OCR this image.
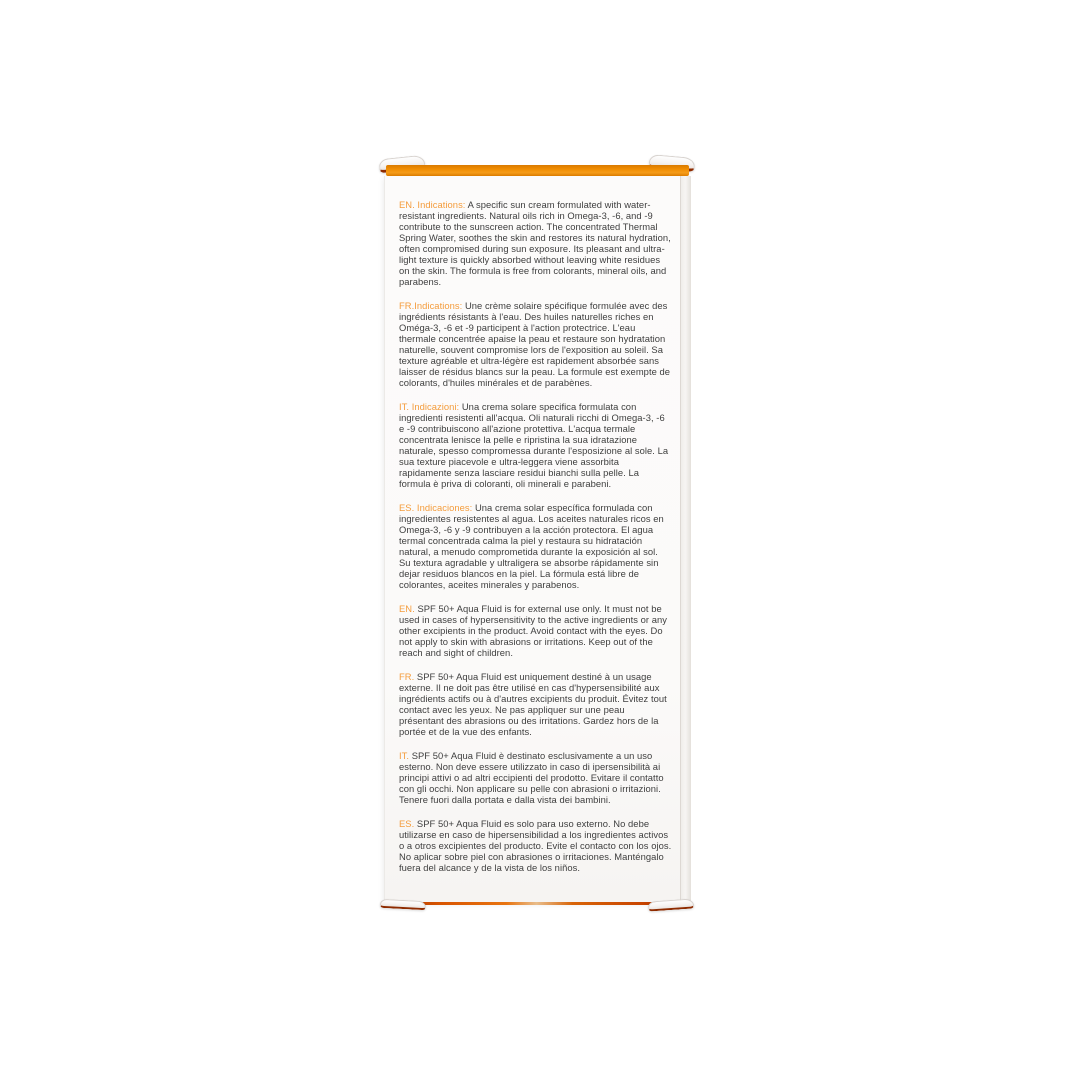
EN. Indications: A specific sun cream formulated with water-resistant ingredients. Natural oils rich in Omega-3, -6, and -9 contribute to the sunscreen action. The concentrated Thermal Spring Water, soothes the skin and restores its natural hydration, often compromised during sun exposure. Its pleasant and ultra-light texture is quickly absorbed without leaving white residues on the skin. The formula is free from colorants, mineral oils, and parabens.

FR.Indications: Une crème solaire spécifique formulée avec des ingrédients résistants à l'eau. Des huiles naturelles riches en Oméga-3, -6 et -9 participent à l'action protectrice. L'eau thermale concentrée apaise la peau et restaure son hydratation naturelle, souvent compromise lors de l'exposition au soleil. Sa texture agréable et ultra-légère est rapidement absorbée sans laisser de résidus blancs sur la peau. La formule est exempte de colorants, d'huiles minérales et de parabènes.

IT. Indicazioni: Una crema solare specifica formulata con ingredienti resistenti all'acqua. Oli naturali ricchi di Omega-3, -6 e -9 contribuiscono all'azione protettiva. L'acqua termale concentrata lenisce la pelle e ripristina la sua idratazione naturale, spesso compromessa durante l'esposizione al sole. La sua texture piacevole e ultra-leggera viene assorbita rapidamente senza lasciare residui bianchi sulla pelle. La formula è priva di coloranti, oli minerali e parabeni.

ES. Indicaciones: Una crema solar específica formulada con ingredientes resistentes al agua. Los aceites naturales ricos en Omega-3, -6 y -9 contribuyen a la acción protectora. El agua termal concentrada calma la piel y restaura su hidratación natural, a menudo comprometida durante la exposición al sol. Su textura agradable y ultraligera se absorbe rápidamente sin dejar residuos blancos en la piel. La fórmula está libre de colorantes, aceites minerales y parabenos.

EN. SPF 50+ Aqua Fluid is for external use only. It must not be used in cases of hypersensitivity to the active ingredients or any other excipients in the product. Avoid contact with the eyes. Do not apply to skin with abrasions or irritations. Keep out of the reach and sight of children.

FR. SPF 50+ Aqua Fluid est uniquement destiné à un usage externe. Il ne doit pas être utilisé en cas d'hypersensibilité aux ingrédients actifs ou à d'autres excipients du produit. Évitez tout contact avec les yeux. Ne pas appliquer sur une peau présentant des abrasions ou des irritations. Gardez hors de la portée et de la vue des enfants.

IT. SPF 50+ Aqua Fluid è destinato esclusivamente a un uso esterno. Non deve essere utilizzato in caso di ipersensibilità ai principi attivi o ad altri eccipienti del prodotto. Evitare il contatto con gli occhi. Non applicare su pelle con abrasioni o irritazioni. Tenere fuori dalla portata e dalla vista dei bambini.

ES. SPF 50+ Aqua Fluid es solo para uso externo. No debe utilizarse en caso de hipersensibilidad a los ingredientes activos o a otros excipientes del producto. Evite el contacto con los ojos. No aplicar sobre piel con abrasiones o irritaciones. Manténgalo fuera del alcance y de la vista de los niños.
